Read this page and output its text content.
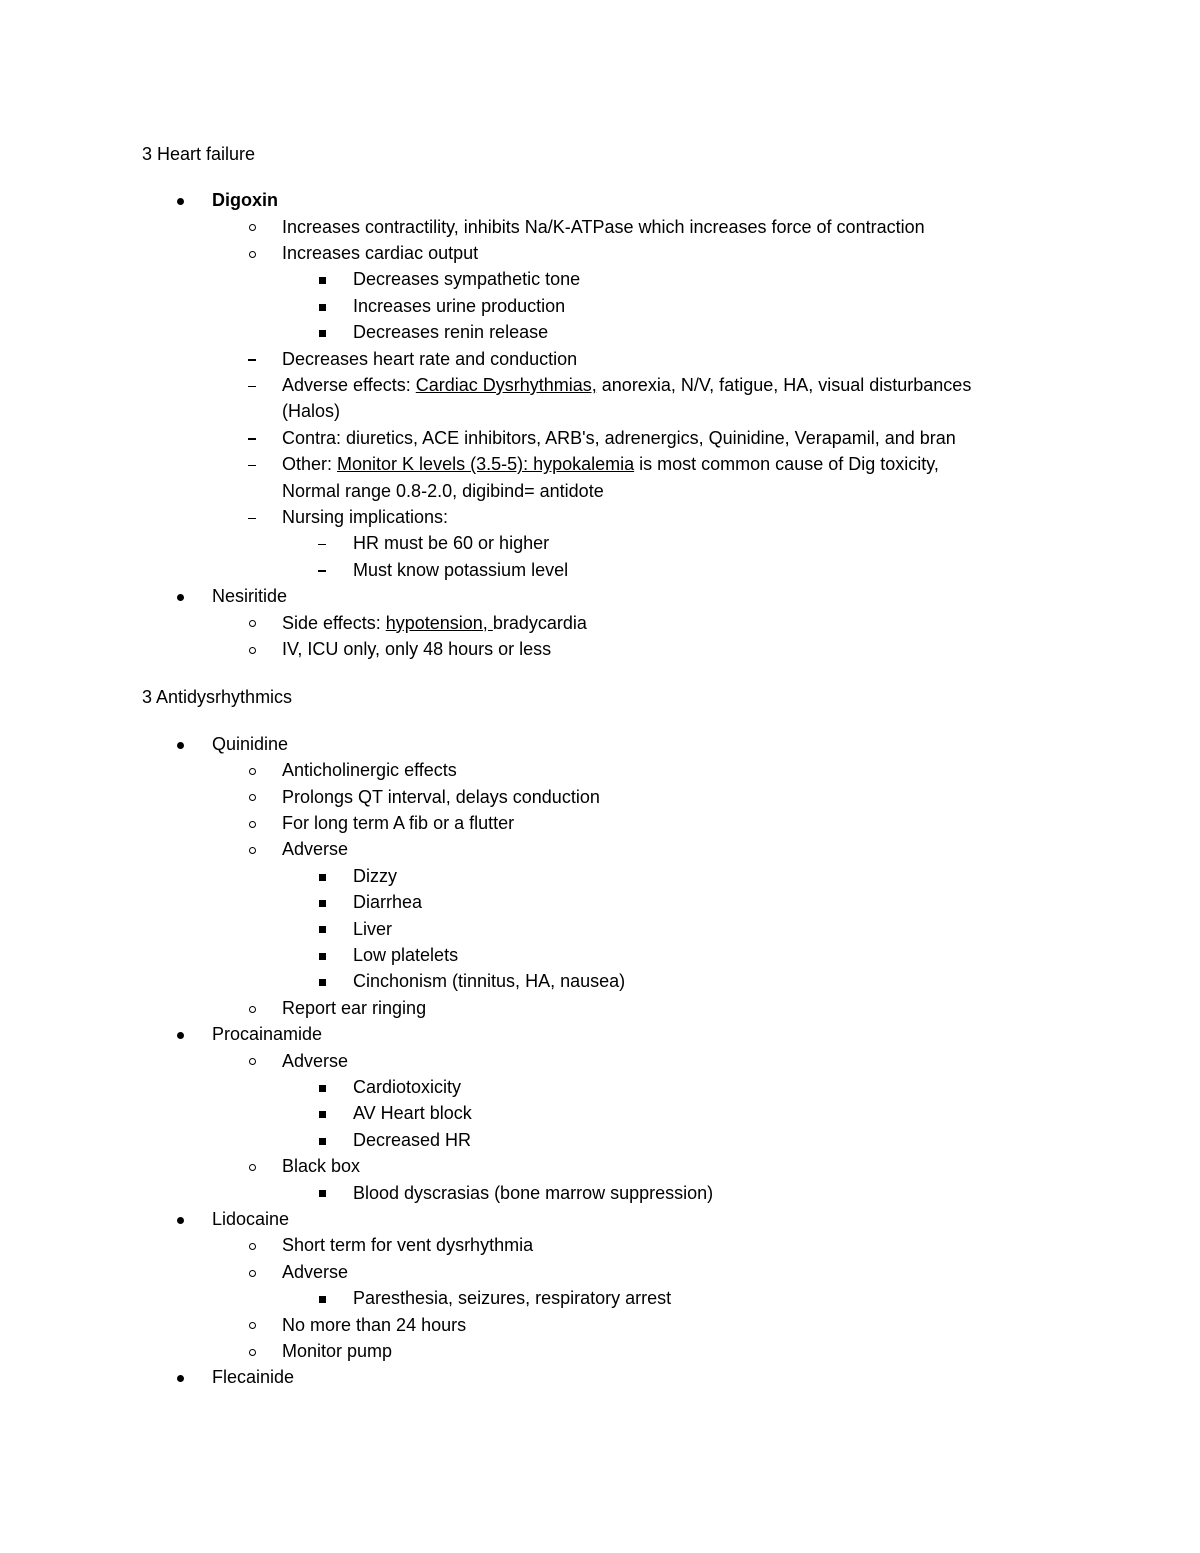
3 Heart failure
Digoxin
Increases contractility, inhibits Na/K-ATPase which increases force of contraction
Increases cardiac output
Decreases sympathetic tone
Increases urine production
Decreases renin release
Decreases heart rate and conduction
Adverse effects: Cardiac Dysrhythmias, anorexia, N/V, fatigue, HA, visual disturbances
(Halos)
Contra: diuretics, ACE inhibitors, ARB's, adrenergics, Quinidine, Verapamil, and bran
Other: Monitor K levels (3.5-5): hypokalemia is most common cause of Dig toxicity,
Normal range 0.8-2.0, digibind= antidote
Nursing implications:
HR must be 60 or higher
Must know potassium level
Nesiritide
Side effects: hypotension, bradycardia
IV, ICU only, only 48 hours or less
3 Antidysrhythmics
Quinidine
Anticholinergic effects
Prolongs QT interval, delays conduction
For long term A fib or a flutter
Adverse
Dizzy
Diarrhea
Liver
Low platelets
Cinchonism (tinnitus, HA, nausea)
Report ear ringing
Procainamide
Adverse
Cardiotoxicity
AV Heart block
Decreased HR
Black box
Blood dyscrasias (bone marrow suppression)
Lidocaine
Short term for vent dysrhythmia
Adverse
Paresthesia, seizures, respiratory arrest
No more than 24 hours
Monitor pump
Flecainide
